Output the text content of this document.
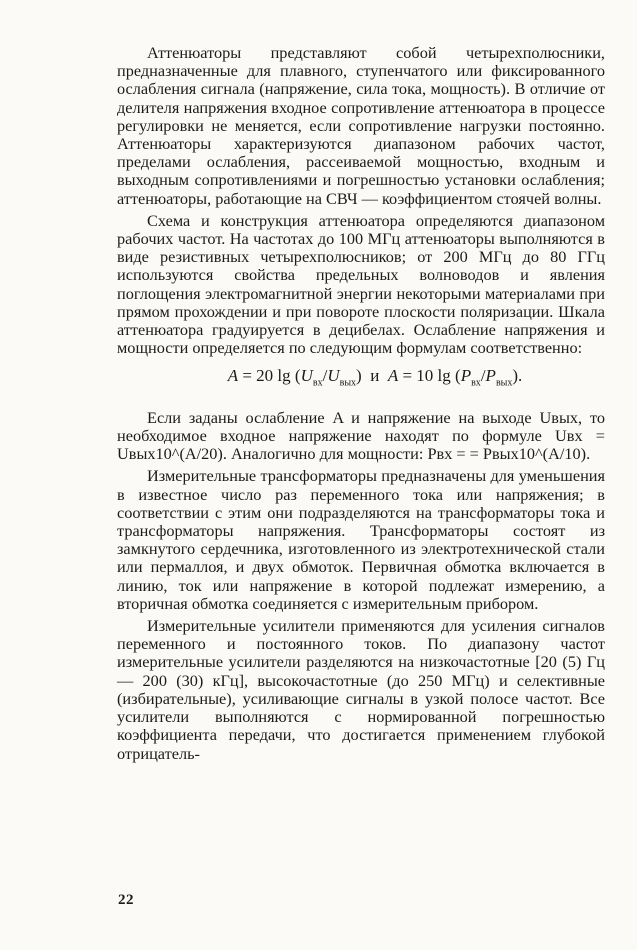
Аттенюаторы представляют собой четырехполюсники, предназначенные для плавного, ступенчатого или фиксированного ослабления сигнала (напряжение, сила тока, мощность). В отличие от делителя напряжения входное сопротивление аттенюатора в процессе регулировки не меняется, если сопротивление нагрузки постоянно. Аттенюаторы характеризуются диапазоном рабочих частот, пределами ослабления, рассеиваемой мощностью, входным и выходным сопротивлениями и погрешностью установки ослабления; аттенюаторы, работающие на СВЧ — коэффициентом стоячей волны.

Схема и конструкция аттенюатора определяются диапазоном рабочих частот. На частотах до 100 МГц аттенюаторы выполняются в виде резистивных четырехполюсников; от 200 МГц до 80 ГГц используются свойства предельных волноводов и явления поглощения электромагнитной энергии некоторыми материалами при прямом прохождении и при повороте плоскости поляризации. Шкала аттенюатора градуируется в децибелах. Ослабление напряжения и мощности определяется по следующим формулам соответственно:

A = 20 $\lg (U_{вх}/U_{вых})$  и  A = 10 $\lg (P_{вх}/P_{вых})$.

Если заданы ослабление A и напряжение на выходе Uвых, то необходимое входное напряжение находят по формуле Uвх = Uвых10^(A/20). Аналогично для мощности: Pвх = = Pвых10^(A/10).

Измерительные трансформаторы предназначены для уменьшения в известное число раз переменного тока или напряжения; в соответствии с этим они подразделяются на трансформаторы тока и трансформаторы напряжения. Трансформаторы состоят из замкнутого сердечника, изготовленного из электротехнической стали или пермаллоя, и двух обмоток. Первичная обмотка включается в линию, ток или напряжение в которой подлежат измерению, а вторичная обмотка соединяется с измерительным прибором.

Измерительные усилители применяются для усиления сигналов переменного и постоянного токов. По диапазону частот измерительные усилители разделяются на низкочастотные [20 (5) Гц — 200 (30) кГц], высокочастотные (до 250 МГц) и селективные (избирательные), усиливающие сигналы в узкой полосе частот. Все усилители выполняются с нормированной погрешностью коэффициента передачи, что достигается применением глубокой отрицатель-

22
